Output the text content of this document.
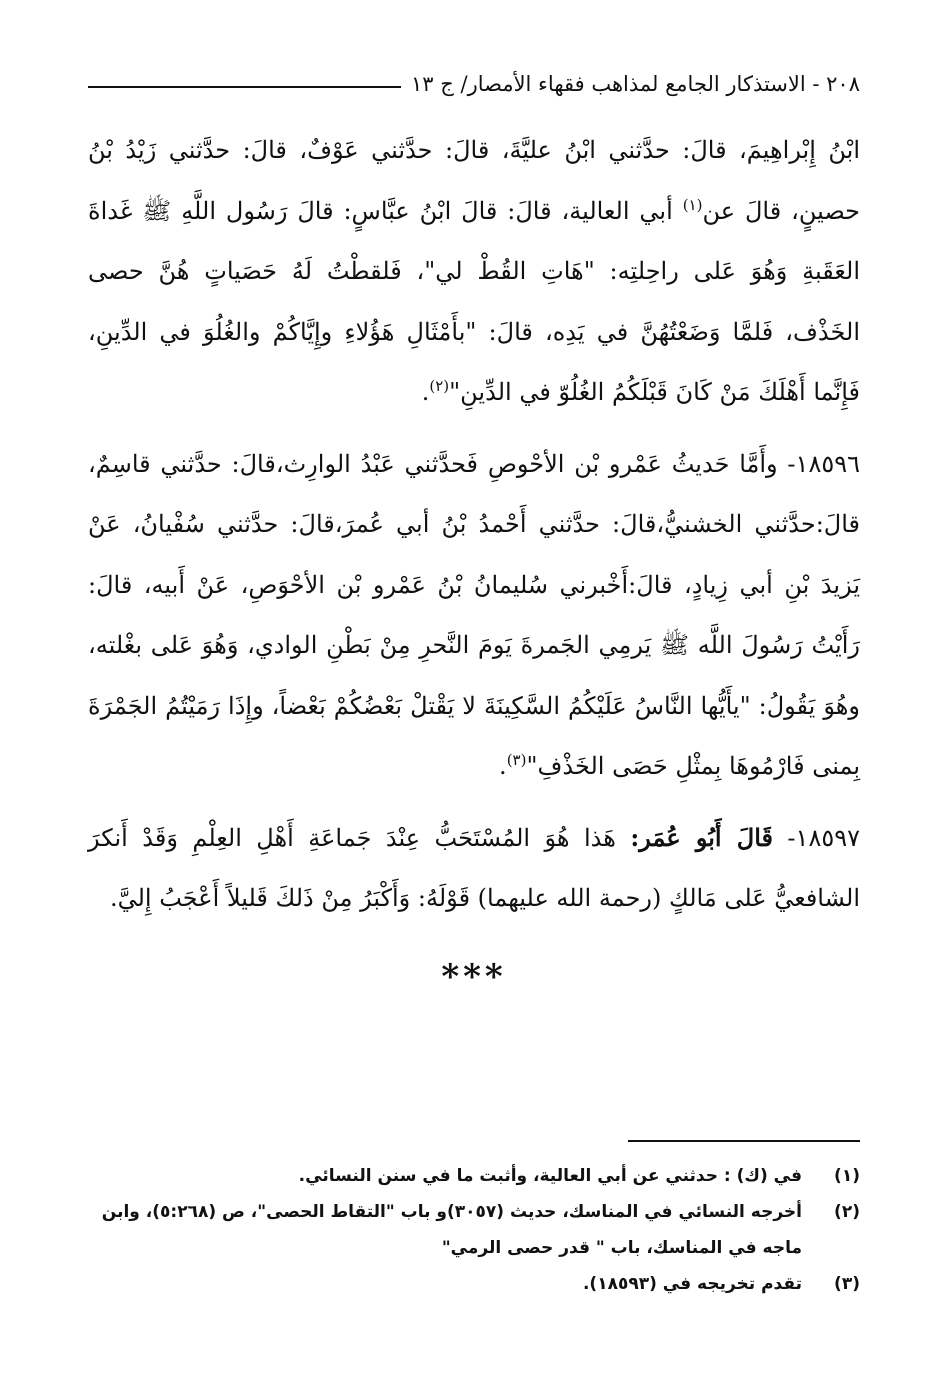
٢٠٨ - الاستذكار الجامع لمذاهب فقهاء الأمصار/ ج ١٣

ابْنُ إِبْراهِيمَ، قالَ: حدَّثني ابْنُ عليَّةَ، قالَ: حدَّثني عَوْفٌ، قالَ: حدَّثني زَيْدُ بْنُ حصينٍ، قالَ عن$^{(١)}$ أبي العالية، قالَ: قالَ ابْنُ عبَّاسٍ: قالَ رَسُول اللَّهِ ﷺ غَداةَ العَقَبةِ وَهُوَ عَلى راحِلتِه: "هَاتِ القُطْ لي"، فَلقطْتُ لَهُ حَصَياتٍ هُنَّ حصى الخَذْف، فَلمَّا وَضَعْتُهُنَّ في يَدِه، قالَ: "بأَمْثَالِ هَؤُلاءِ وإِيَّاكُمْ والغُلُوَ في الدِّينِ، فَإِنَّما أَهْلَكَ مَنْ كَانَ قَبْلَكُمُ الغُلُوّ في الدِّينِ"$^{(٢)}$.

١٨٥٩٦- وأَمَّا حَديثُ عَمْرو بْن الأحْوصِ فَحدَّثني عَبْدُ الوارِث،قالَ: حدَّثني قاسِمٌ، قالَ:حدَّثني الخشنيُّ،قالَ: حدَّثني أَحْمدُ بْنُ أبي عُمرَ،قالَ: حدَّثني سُفْيانُ، عَنْ يَزيدَ بْنِ أبي زِيادٍ، قالَ:أَخْبرني سُليمانُ بْنُ عَمْرو بْن الأحْوَصِ، عَنْ أَبيه، قالَ: رَأَيْتُ رَسُولَ اللَّه ﷺ يَرمِي الجَمرةَ يَومَ النَّحرِ مِنْ بَطْنِ الوادي، وَهُوَ عَلى بغْلته، وهُوَ يَقُولُ: "يأَيُّها النَّاسُ عَلَيْكُمُ السَّكِينَةَ لا يَقْتلْ بَعْضُكُمْ بَعْضاً، وإِذَا رَمَيْتُمُ الجَمْرَةَ بِمنى فَارْمُوهَا بِمثْلِ حَصَى الخَذْفِ"$^{(٣)}$.

١٨٥٩٧- قَالَ أَبُو عُمَر: هَذا هُوَ المُسْتَحَبُّ عِنْدَ جَماعَةِ أَهْلِ العِلْمِ وَقَدْ أَنكرَ الشافعيُّ عَلى مَالكٍ (رحمة الله عليهما) قَوْلَهُ: وَأَكْبَرُ مِنْ ذَلكَ قَليلاً أَعْجَبُ إِليَّ.

***
(١)
في (ك) : حدثني عن أبي العالية، وأثبت ما في سنن النسائي.
(٢)
أخرجه النسائي في المناسك، حديث (٣٠٥٧)و باب "التقاط الحصى"، ص (٥:٢٦٨)، وابن ماجه في المناسك، باب " قدر حصى الرمي"
(٣)
تقدم تخريجه في (١٨٥٩٣).
